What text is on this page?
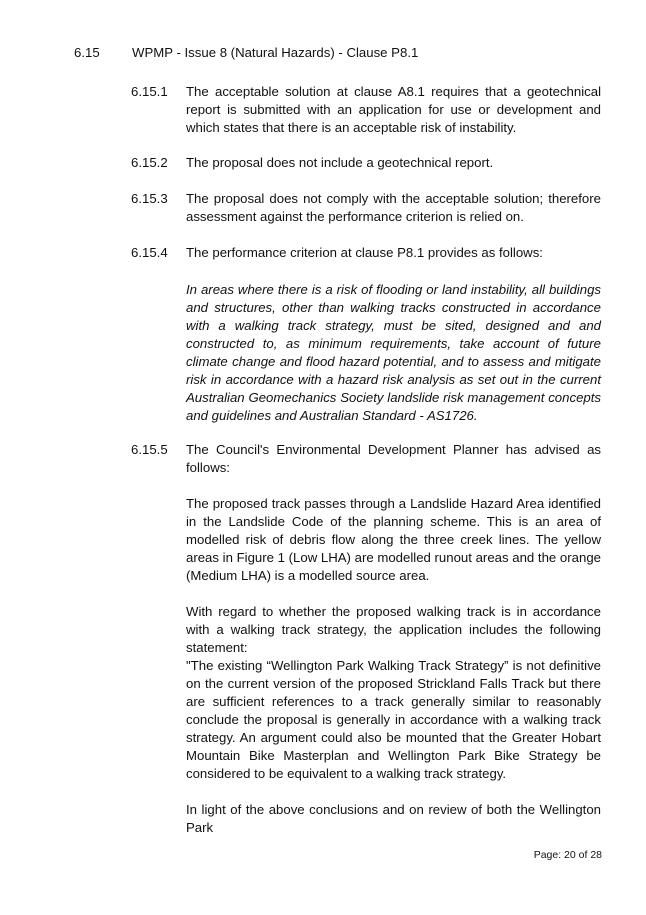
6.15 WPMP - Issue 8 (Natural Hazards) - Clause P8.1
6.15.1	The acceptable solution at clause A8.1 requires that a geotechnical report is submitted with an application for use or development and which states that there is an acceptable risk of instability.
6.15.2	The proposal does not include a geotechnical report.
6.15.3	The proposal does not comply with the acceptable solution; therefore assessment against the performance criterion is relied on.
6.15.4	The performance criterion at clause P8.1 provides as follows:
In areas where there is a risk of flooding or land instability, all buildings and structures, other than walking tracks constructed in accordance with a walking track strategy, must be sited, designed and and constructed to, as minimum requirements, take account of future climate change and flood hazard potential, and to assess and mitigate risk in accordance with a hazard risk analysis as set out in the current Australian Geomechanics Society landslide risk management concepts and guidelines and Australian Standard - AS1726.
6.15.5	The Council's Environmental Development Planner has advised as follows:
The proposed track passes through a Landslide Hazard Area identified in the Landslide Code of the planning scheme. This is an area of modelled risk of debris flow along the three creek lines. The yellow areas in Figure 1 (Low LHA) are modelled runout areas and the orange (Medium LHA) is a modelled source area.
With regard to whether the proposed walking track is in accordance with a walking track strategy, the application includes the following statement:
"The existing “Wellington Park Walking Track Strategy” is not definitive on the current version of the proposed Strickland Falls Track but there are sufficient references to a track generally similar to reasonably conclude the proposal is generally in accordance with a walking track strategy. An argument could also be mounted that the Greater Hobart Mountain Bike Masterplan and Wellington Park Bike Strategy be considered to be equivalent to a walking track strategy.
In light of the above conclusions and on review of both the Wellington Park
Page: 20 of 28
